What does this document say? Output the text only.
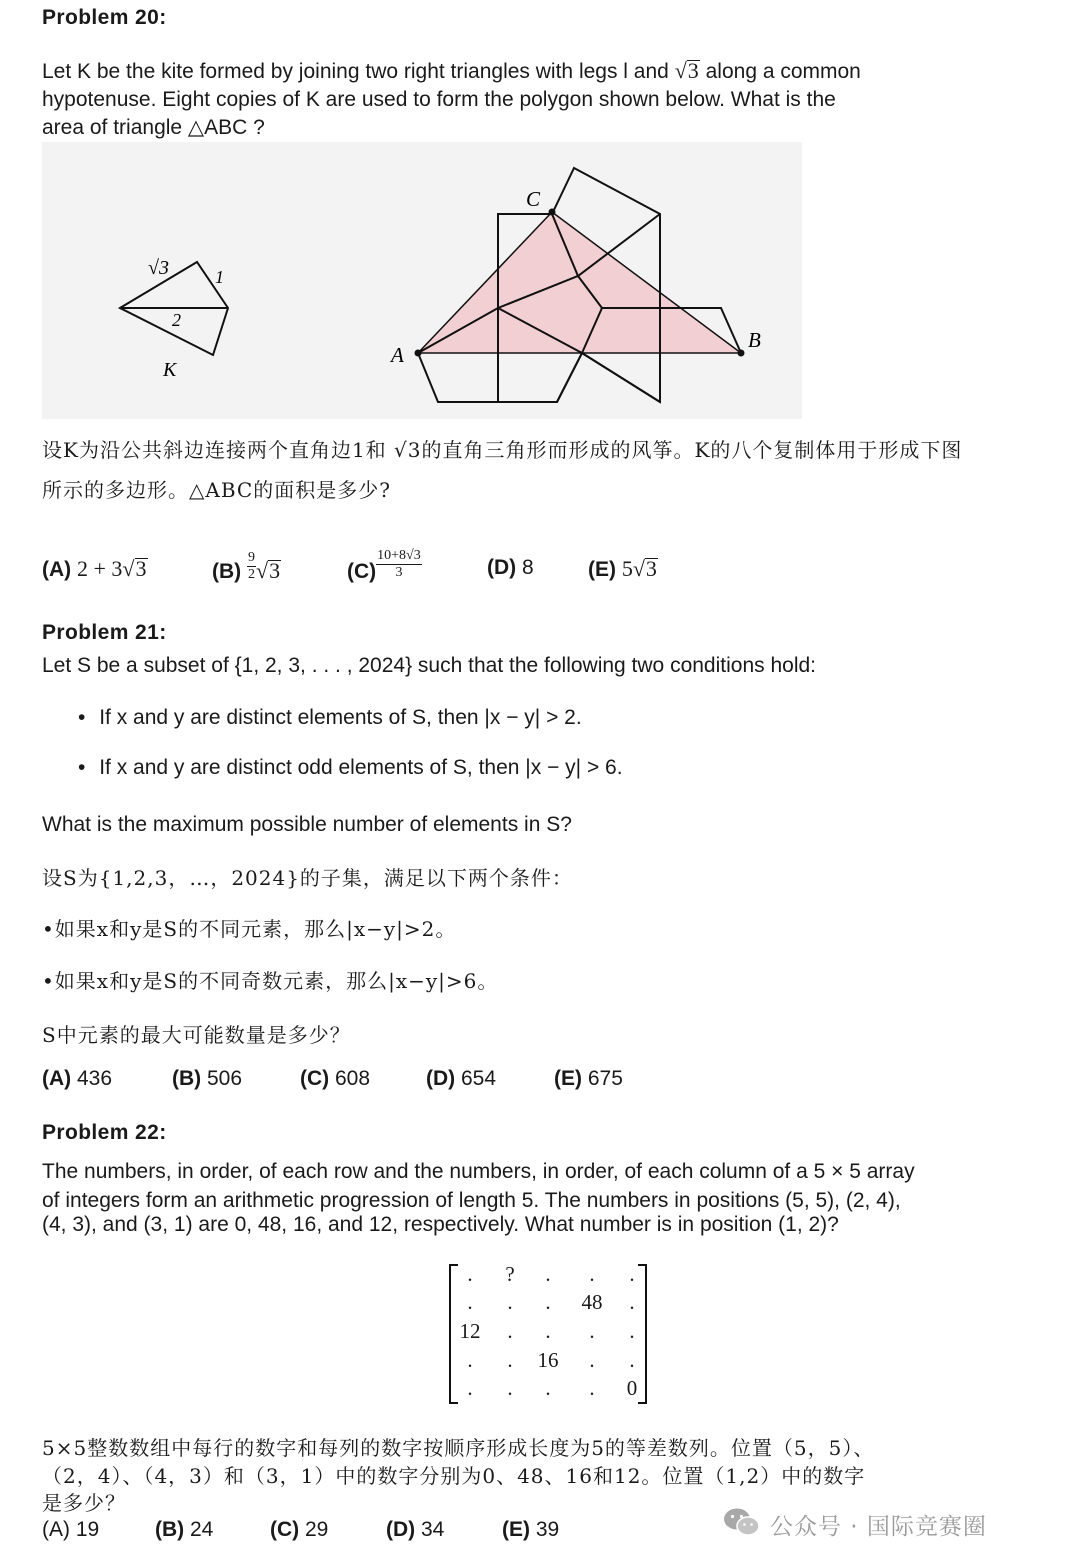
Problem 20:
Let K be the kite formed by joining two right triangles with legs l and √3 along a common
hypotenuse. Eight copies of K are used to form the polygon shown below. What is the
area of triangle △ABC ?
√3	1
2
K
A
C
B
设K为沿公共斜边连接两个直角边1和 √3的直角三角形而形成的风筝。K的八个复制体用于形成下图
所示的多边形。△ABC的面积是多少?
(A) 2 + 3√3	$(B) \frac{9}{2} √3$	$(C) \frac{10+8√3}{3}$	(D) 8	(E) 5√3
Problem 21:
Let S be a subset of {1, 2, 3, . . . , 2024} such that the following two conditions hold:
• If x and y are distinct elements of S, then |x − y| > 2.
• If x and y are distinct odd elements of S, then |x − y| > 6.
What is the maximum possible number of elements in S?
设S为{1,2,3，…，2024}的子集，满足以下两个条件：
•如果x和y是S的不同元素，那么|x−y|>2。
•如果x和y是S的不同奇数元素，那么|x−y|>6。
S中元素的最大可能数量是多少？
(A) 436	(B) 506	(C) 608	(D) 654	(E) 675
Problem 22:
The numbers, in order, of each row and the numbers, in order, of each column of a 5 × 5 array
of integers form an arithmetic progression of length 5. The numbers in positions (5, 5), (2, 4),
(4, 3), and (3, 1) are 0, 48, 16, and 12, respectively. What number is in position (1, 2)?
.	?	.	.	.
.	.	.	48	.
12	.	.	.	.
.	.	16	.	.
.	.	.	.	0
5×5整数数组中每行的数字和每列的数字按顺序形成长度为5的等差数列。位置（5，5）、
（2，4）、（4，3）和（3，1）中的数字分别为0、48、16和12。位置（1,2）中的数字
是多少？
(A) 19	(B) 24	(C) 29	(D) 34	(E) 39	公众号 · 国际竞赛圈
